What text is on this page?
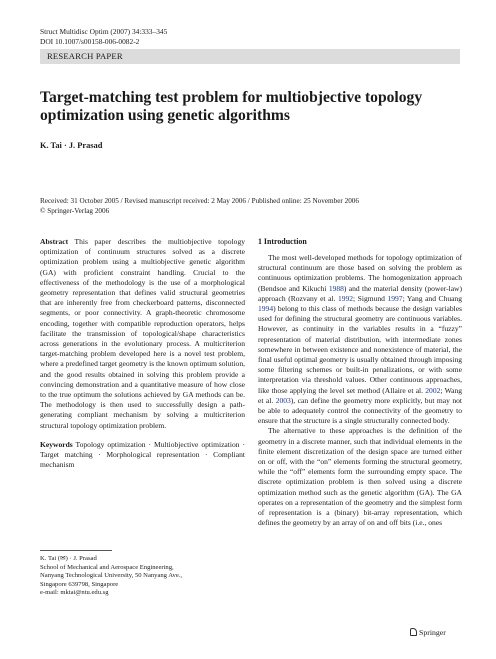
Struct Multidisc Optim (2007) 34:333–345
DOI 10.1007/s00158-006-0082-2
RESEARCH PAPER
Target-matching test problem for multiobjective topology optimization using genetic algorithms
K. Tai · J. Prasad
Received: 31 October 2005 / Revised manuscript received: 2 May 2006 / Published online: 25 November 2006
© Springer-Verlag 2006

Abstract This paper describes the multiobjective topology optimization of continuum structures solved as a discrete optimization problem using a multiobjective genetic algorithm (GA) with proficient constraint handling. Crucial to the effectiveness of the methodology is the use of a morphological geometry representation that defines valid structural geometries that are inherently free from checkerboard patterns, disconnected segments, or poor connectivity. A graph-theoretic chromosome encoding, together with compatible reproduction operators, helps facilitate the transmission of topological/shape characteristics across generations in the evolutionary process. A multicriterion target-matching problem developed here is a novel test problem, where a predefined target geometry is the known optimum solution, and the good results obtained in solving this problem provide a convincing demonstration and a quantitative measure of how close to the true optimum the solutions achieved by GA methods can be. The methodology is then used to successfully design a path-generating compliant mechanism by solving a multicriterion structural topology optimization problem.

Keywords Topology optimization · Multiobjective optimization · Target matching · Morphological representation · Compliant mechanism

K. Tai (✉) · J. Prasad
School of Mechanical and Aerospace Engineering,
Nanyang Technological University, 50 Nanyang Ave.,
Singapore 639798, Singapore
e-mail: mktai@ntu.edu.sg
1 Introduction

The most well-developed methods for topology optimization of structural continuum are those based on solving the problem as continuous optimization problems. The homogenization approach (Bendsoe and Kikuchi 1988) and the material density (power-law) approach (Rozvany et al. 1992; Sigmund 1997; Yang and Chuang 1994) belong to this class of methods because the design variables used for defining the structural geometry are continuous variables. However, as continuity in the variables results in a “fuzzy” representation of material distribution, with intermediate zones somewhere in between existence and nonexistence of material, the final useful optimal geometry is usually obtained through imposing some filtering schemes or built-in penalizations, or with some interpretation via threshold values. Other continuous approaches, like those applying the level set method (Allaire et al. 2002; Wang et al. 2003), can define the geometry more explicitly, but may not be able to adequately control the connectivity of the geometry to ensure that the structure is a single structurally connected body.

The alternative to these approaches is the definition of the geometry in a discrete manner, such that individual elements in the finite element discretization of the design space are turned either on or off, with the “on” elements forming the structural geometry, while the “off” elements form the surrounding empty space. The discrete optimization problem is then solved using a discrete optimization method such as the genetic algorithm (GA). The GA operates on a representation of the geometry and the simplest form of representation is a (binary) bit-array representation, which defines the geometry by an array of on and off bits (i.e., ones

Springer
